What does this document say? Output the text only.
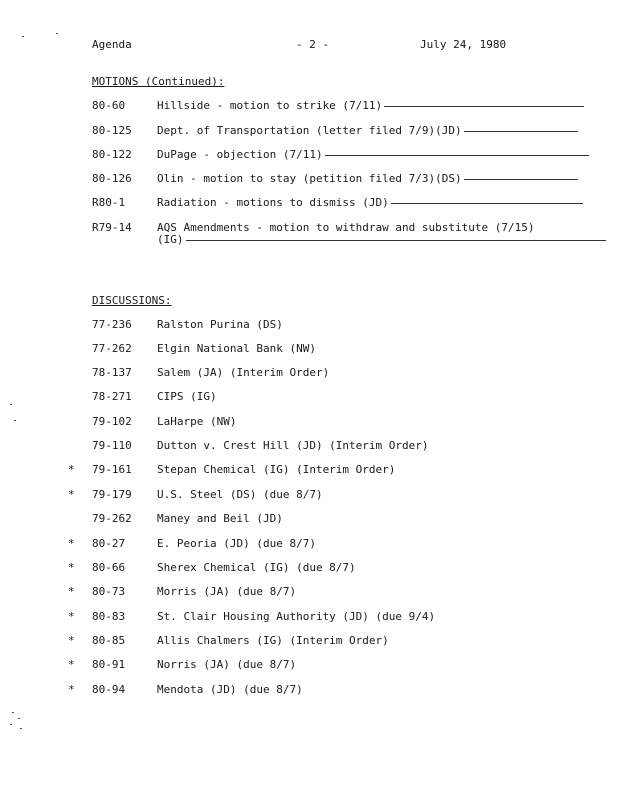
Agenda	- 2 -	July 24, 1980
MOTIONS (Continued):
80-60	Hillside - motion to strike (7/11)
80-125 Dept. of Transportation (letter filed 7/9)(JD)
80-122 DuPage - objection (7/11)
80-126 Olin - motion to stay (petition filed 7/3)(DS)
R80-1	Radiation - motions to dismiss (JD)
R79-14 AQS Amendments - motion to withdraw and substitute (7/15)
(IG)
DISCUSSIONS:
77-236 Ralston Purina (DS)
77-262 Elgin National Bank (NW)
78-137 Salem (JA) (Interim Order)
78-271 CIPS (IG)
79-102 LaHarpe (NW)
79-110 Dutton v. Crest Hill (JD) (Interim Order)
* 79-161 Stepan Chemical (IG) (Interim Order)
* 79-179 U.S. Steel (DS) (due 8/7)
79-262 Maney and Beil (JD)
* 80-27	E. Peoria (JD) (due 8/7)
* 80-66	Sherex Chemical (IG) (due 8/7)
* 80-73	Morris (JA) (due 8/7)
* 80-83	St. Clair Housing Authority (JD) (due 9/4)
* 80-85	Allis Chalmers (IG) (Interim Order)
* 80-91	Norris (JA) (due 8/7)
* 80-94	Mendota (JD) (due 8/7)
